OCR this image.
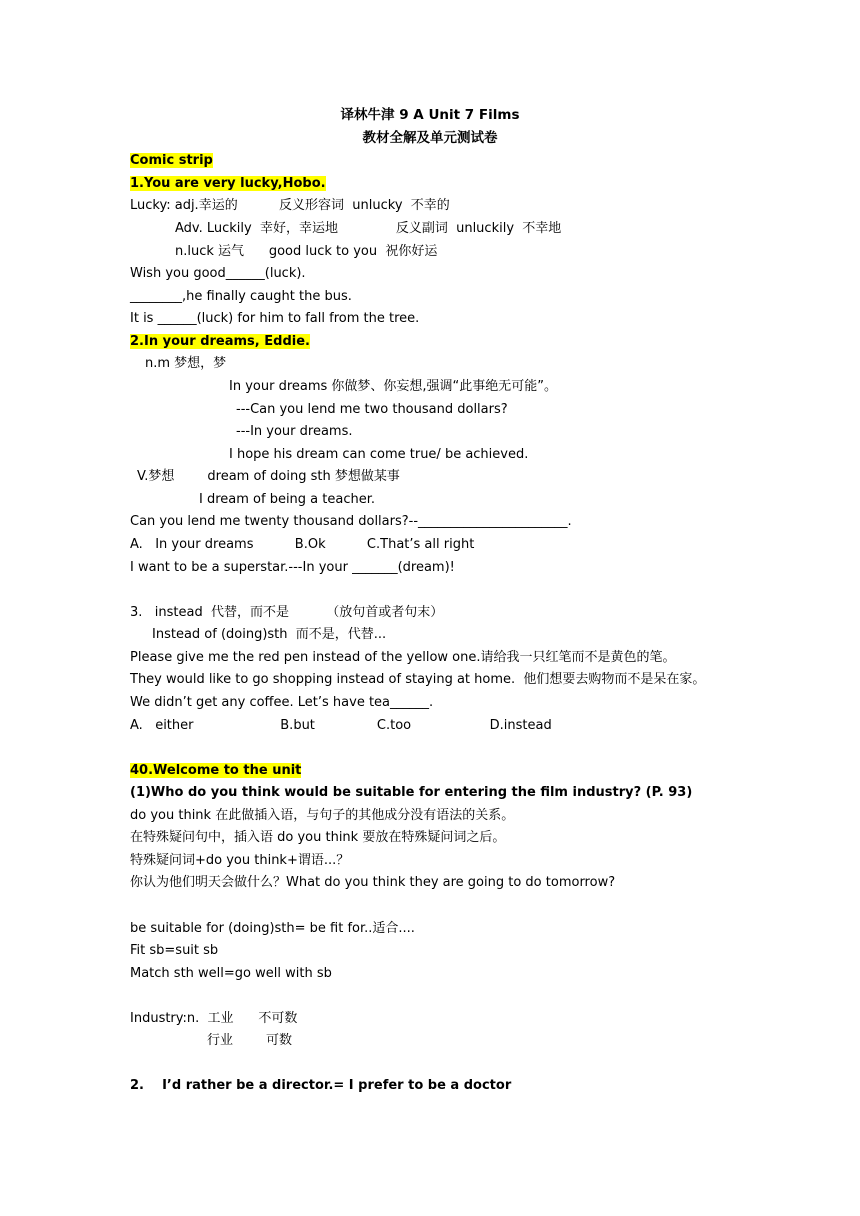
译林牛津 9 A Unit 7 Films
教材全解及单元测试卷
Comic strip
1.You are very lucky,Hobo.
Lucky: adj.幸运的          反义形容词  unlucky  不幸的
Adv. Luckily  幸好，幸运地              反义副词  unluckily  不幸地
n.luck 运气      good luck to you  祝你好运
Wish you good______(luck).
________,he finally caught the bus.
It is ______(luck) for him to fall from the tree.
2.In your dreams, Eddie.
n.m 梦想，梦
In your dreams 你做梦、你妄想,强调“此事绝无可能”。
---Can you lend me two thousand dollars?
---In your dreams.
I hope his dream can come true/ be achieved.
V.梦想        dream of doing sth 梦想做某事
I dream of being a teacher.
Can you lend me twenty thousand dollars?--_______________________.
A.   In your dreams          B.Ok          C.That’s all right
I want to be a superstar.---In your _______(dream)!
3.   instead  代替，而不是         （放句首或者句末）
Instead of (doing)sth  而不是，代替...
Please give me the red pen instead of the yellow one.请给我一只红笔而不是黄色的笔。
They would like to go shopping instead of staying at home.  他们想要去购物而不是呆在家。
We didn’t get any coffee. Let’s have tea______.
A.   either                     B.but               C.too                   D.instead
40.Welcome to the unit
(1)Who do you think would be suitable for entering the film industry? (P. 93)
do you think 在此做插入语，与句子的其他成分没有语法的关系。
在特殊疑问句中，插入语 do you think 要放在特殊疑问词之后。
特殊疑问词+do you think+谓语...？
你认为他们明天会做什么？What do you think they are going to do tomorrow?
be suitable for (doing)sth= be fit for..适合....
Fit sb=suit sb
Match sth well=go well with sb
Industry:n.  工业      不可数
行业        可数
2.    I’d rather be a director.= I prefer to be a doctor
